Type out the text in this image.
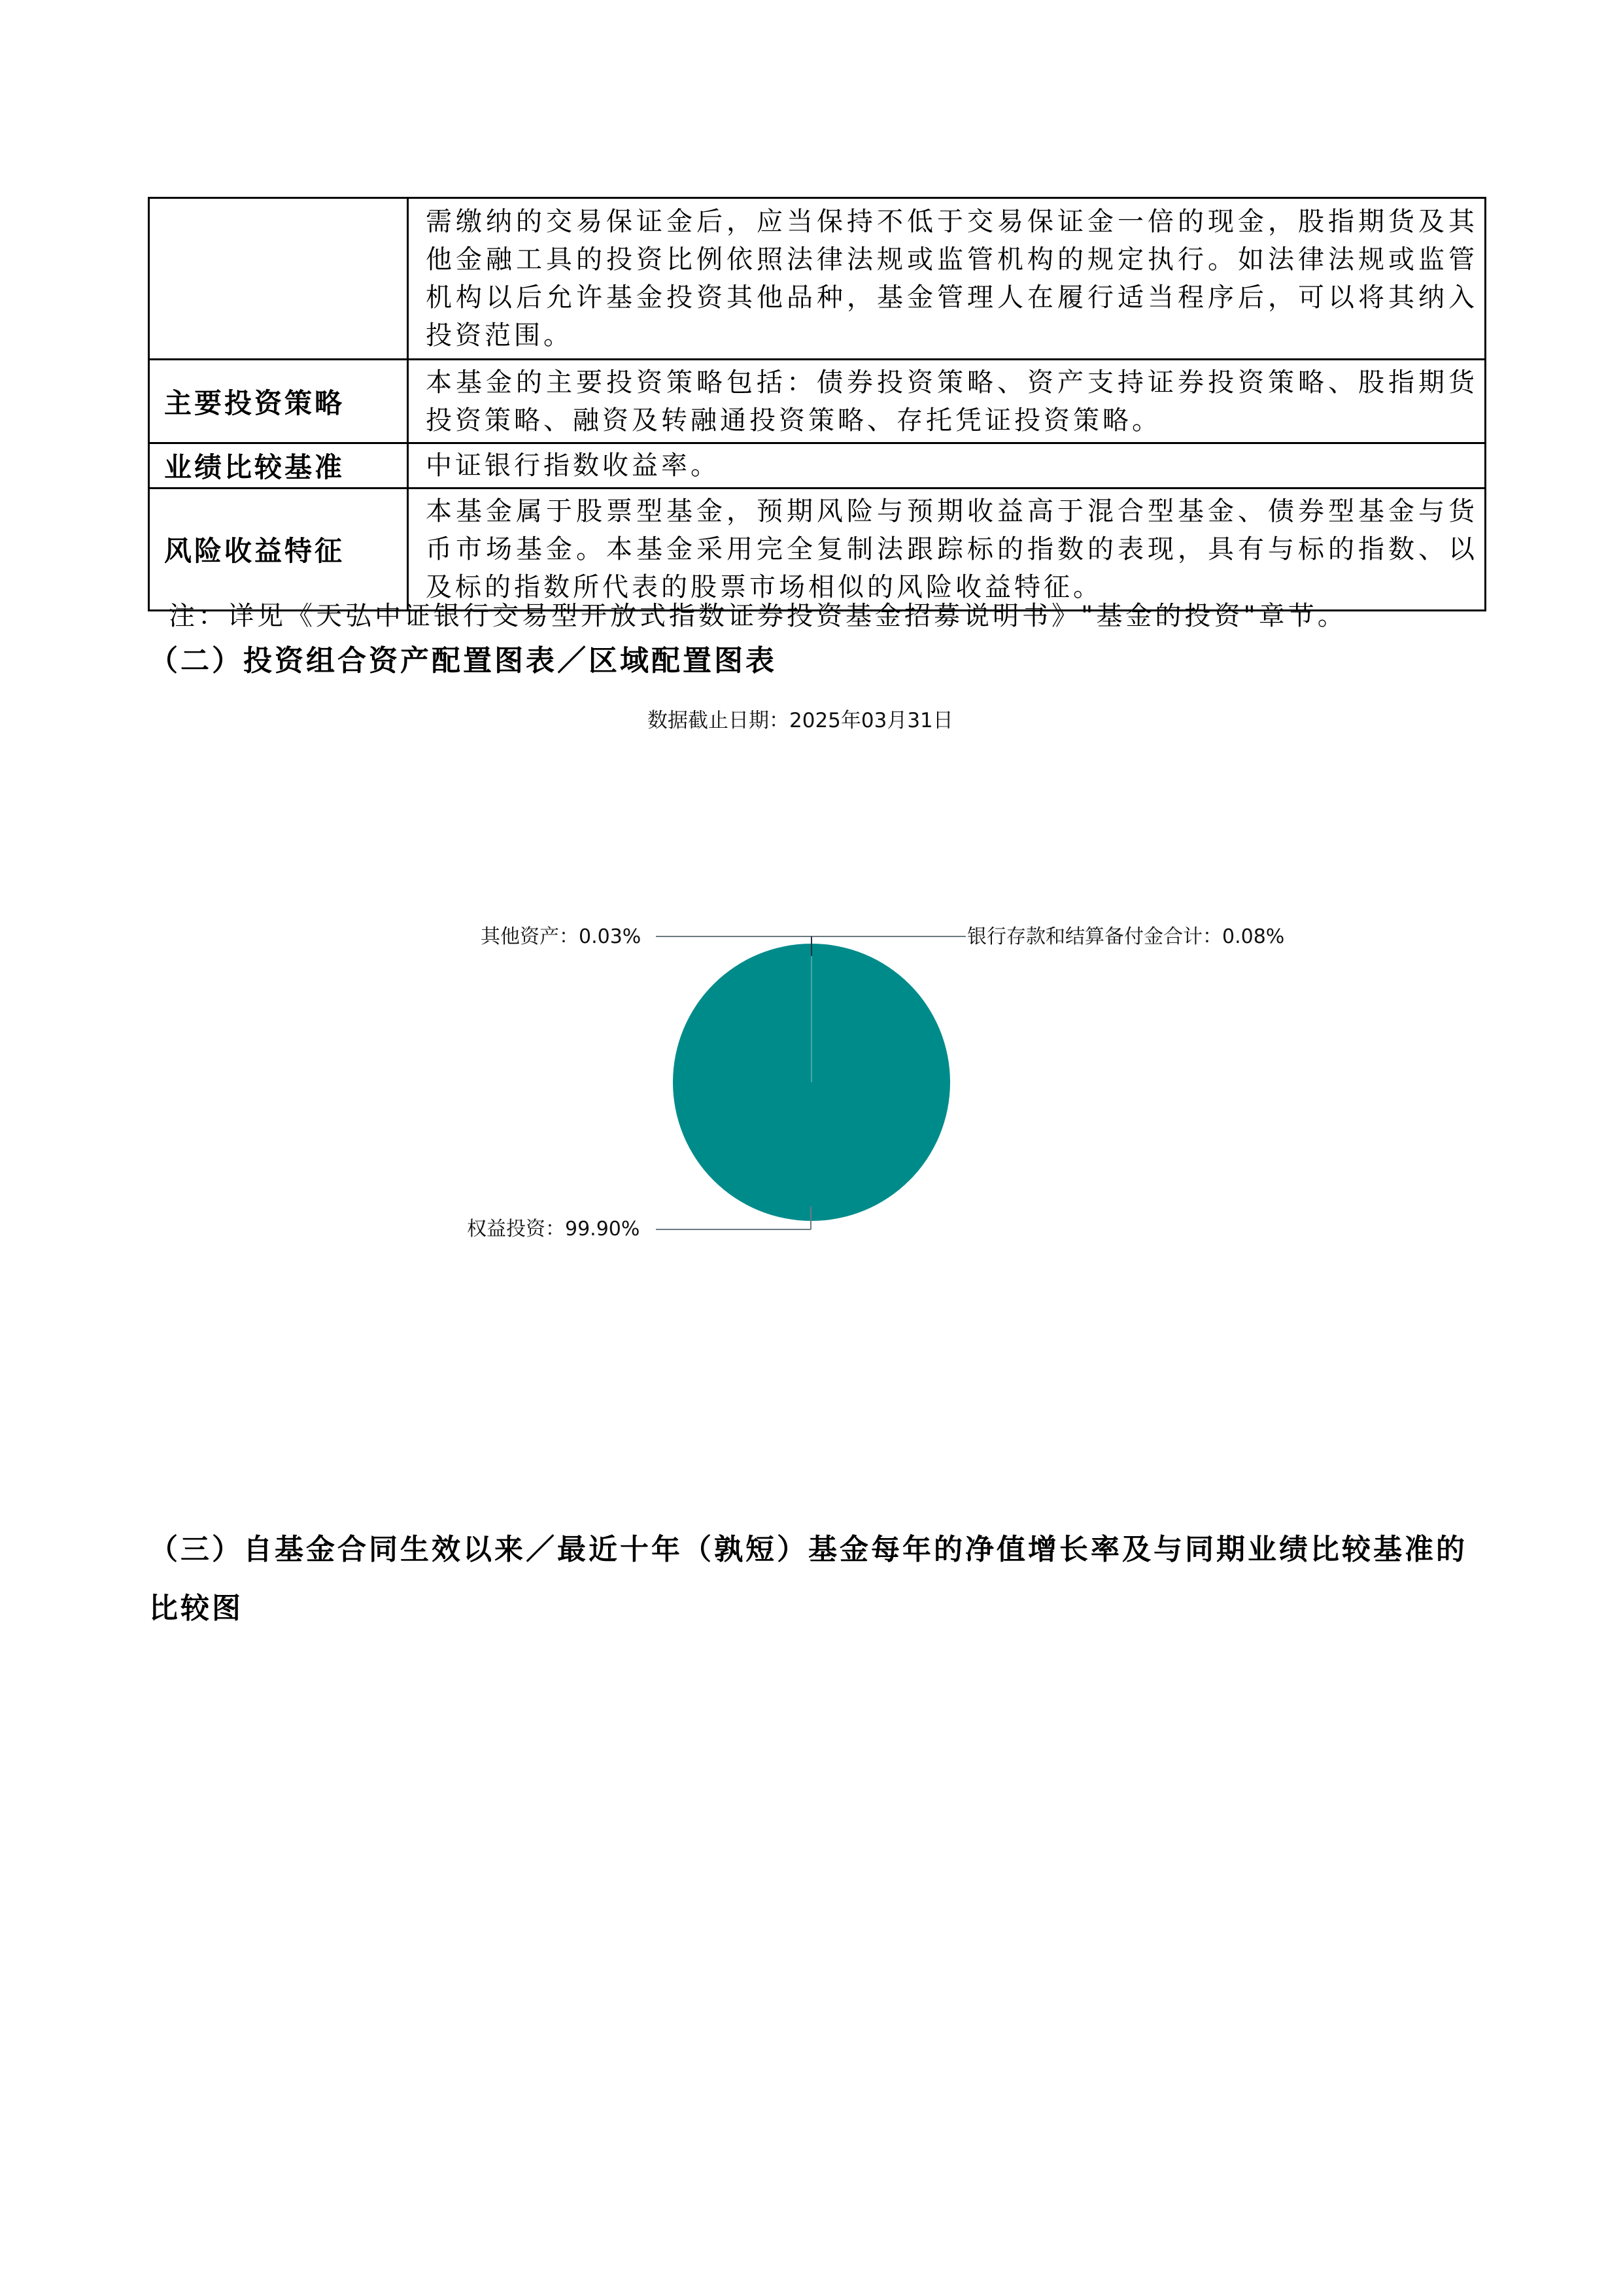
	需缴纳的交易保证金后，应当保持不低于交易保证金一倍的现金，股指期货及其他金融工具的投资比例依照法律法规或监管机构的规定执行。如法律法规或监管机构以后允许基金投资其他品种，基金管理人在履行适当程序后，可以将其纳入投资范围。
主要投资策略	本基金的主要投资策略包括：债券投资策略、资产支持证券投资策略、股指期货投资策略、融资及转融通投资策略、存托凭证投资策略。
业绩比较基准	中证银行指数收益率。
风险收益特征	本基金属于股票型基金，预期风险与预期收益高于混合型基金、债券型基金与货币市场基金。本基金采用完全复制法跟踪标的指数的表现，具有与标的指数、以及标的指数所代表的股票市场相似的风险收益特征。
注：详见《天弘中证银行交易型开放式指数证券投资基金招募说明书》"基金的投资"章节。
（二）投资组合资产配置图表／区域配置图表
数据截止日期：2025年03月31日
其他资产：0.03%	银行存款和结算备付金合计：0.08%
权益投资：99.90%
（三）自基金合同生效以来／最近十年（孰短）基金每年的净值增长率及与同期业绩比较基准的比较图
